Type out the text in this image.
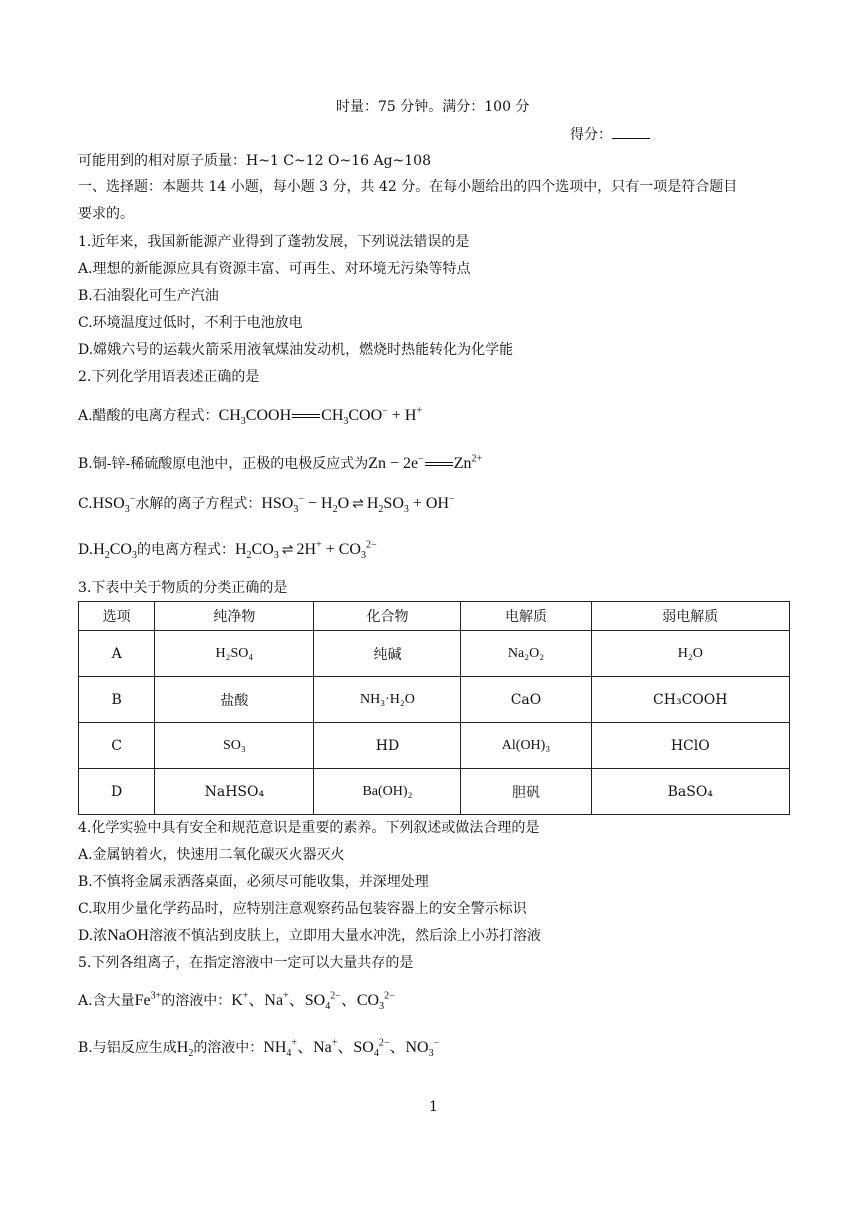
时量：75 分钟。满分：100 分
得分：
可能用到的相对原子质量：H~1 C~12 O~16 Ag~108
一、选择题：本题共 14 小题，每小题 3 分，共 42 分。在每小题给出的四个选项中，只有一项是符合题目
要求的。
1.近年来，我国新能源产业得到了蓬勃发展，下列说法错误的是
A.理想的新能源应具有资源丰富、可再生、对环境无污染等特点
B.石油裂化可生产汽油
C.环境温度过低时，不利于电池放电
D.嫦娥六号的运载火箭采用液氧煤油发动机，燃烧时热能转化为化学能
2.下列化学用语表述正确的是
A.醋酸的电离方程式：$CH_3COOH$ $CH_3COO^- + H^+$
B.铜-锌-稀硫酸原电池中，正极的电极反应式为Zn − 2e− $Zn^{2+}$
$C.HSO_3^-$水解的离子方程式：$HSO_3^- - H_2O$ ⇌ $H_2SO_3 + OH^-$
$D.H_2CO_3$的电离方程式：$H_2CO_3$ ⇌ $2H^+ + CO_3^{2-}$
3.下表中关于物质的分类正确的是
选项	纯净物	化合物	电解质	弱电解质
A	H₂SO₄	纯碱	Na₂O₂	H₂O
B	盐酸	NH₃·H₂O	CaO	CH₃COOH
C	SO₃	HD	Al(OH)₃	HClO
D	NaHSO₄	Ba(OH)₂	胆矾	BaSO₄
4.化学实验中具有安全和规范意识是重要的素养。下列叙述或做法合理的是
A.金属钠着火，快速用二氧化碳灭火器灭火
B.不慎将金属汞洒落桌面，必须尽可能收集，并深埋处理
C.取用少量化学药品时，应特别注意观察药品包装容器上的安全警示标识
D.浓NaOH溶液不慎沾到皮肤上，立即用大量水冲洗，然后涂上小苏打溶液
5.下列各组离子，在指定溶液中一定可以大量共存的是
A.含大量$Fe^{3+}$的溶液中：K+、Na+、$SO_4^{2-}$、$CO_3^{2-}$
B.与铝反应生成$H_2$的溶液中：$NH_4^+$、Na+、$SO_4^{2-}$、$NO_3^-$
1
